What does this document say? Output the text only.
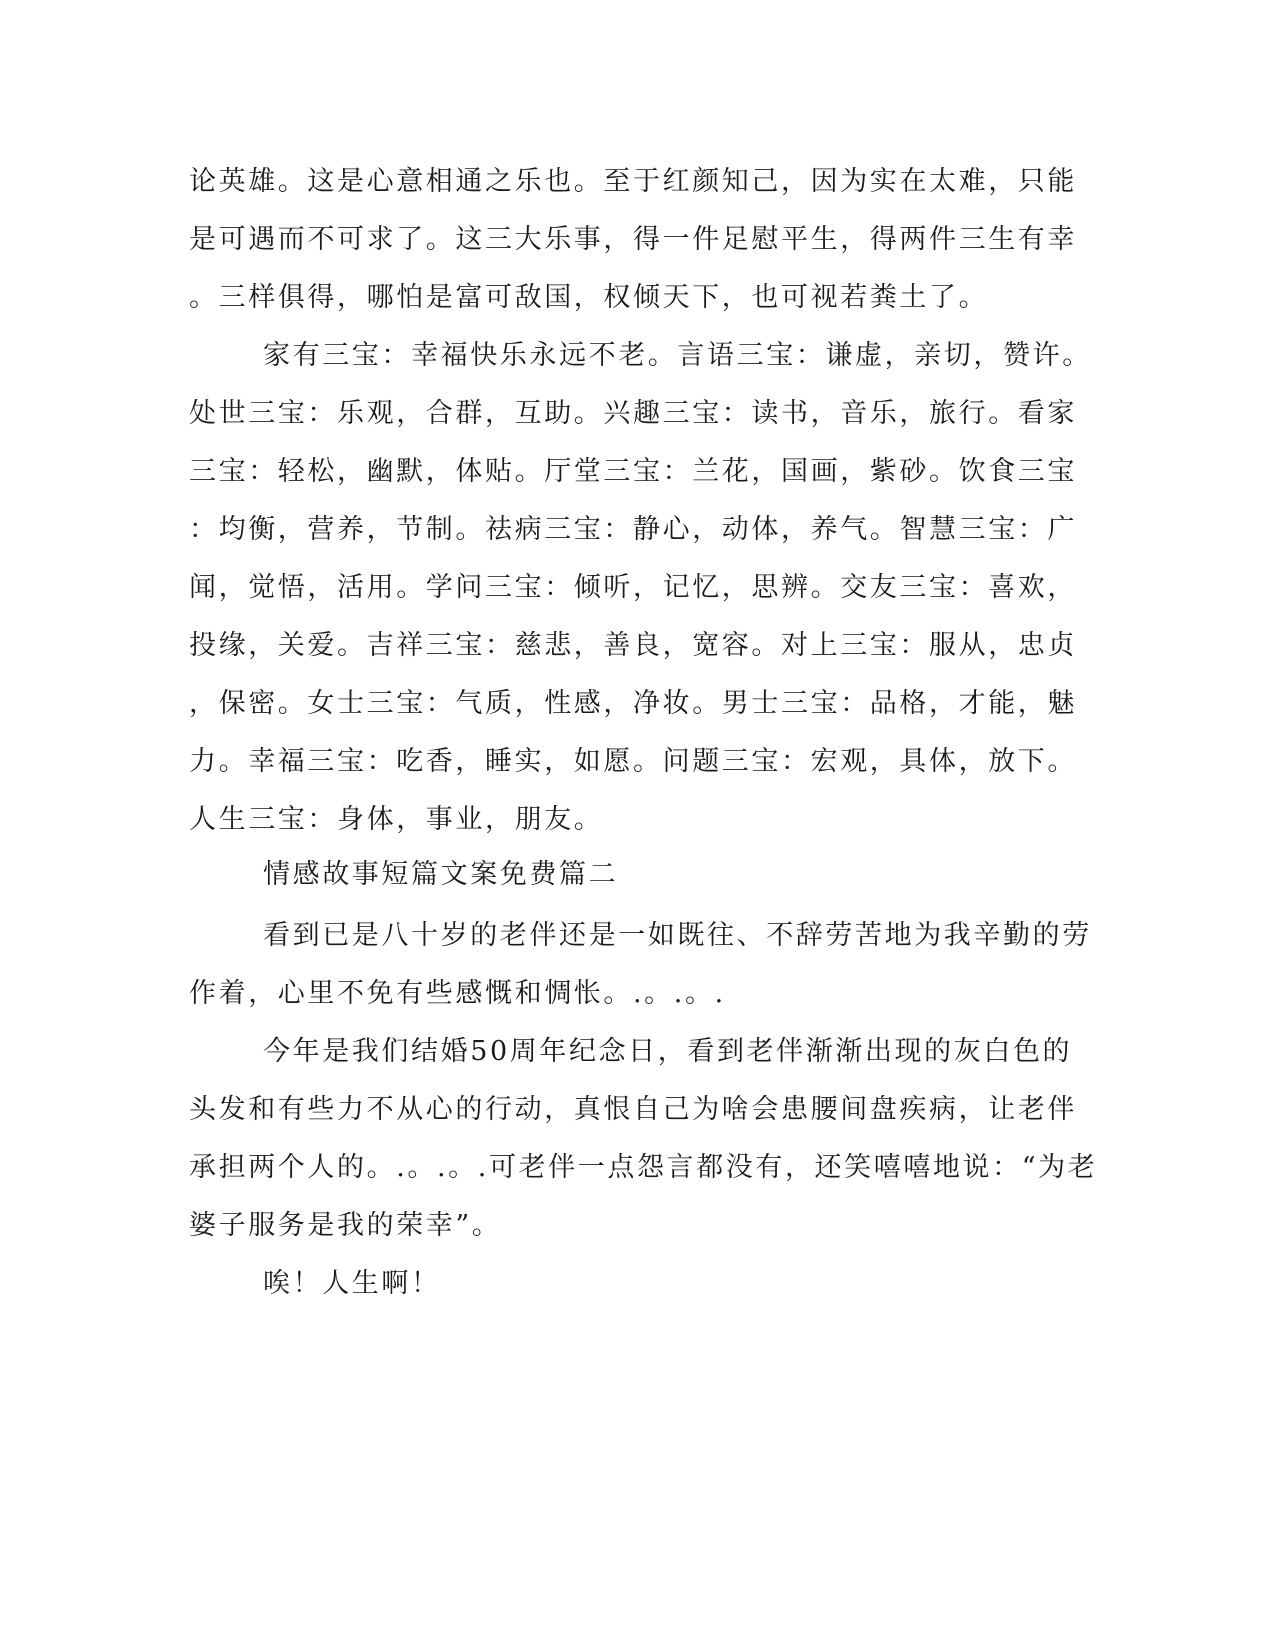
论英雄。这是心意相通之乐也。至于红颜知己，因为实在太难，只能

是可遇而不可求了。这三大乐事，得一件足慰平生，得两件三生有幸

。三样俱得，哪怕是富可敌国，权倾天下，也可视若粪土了。

家有三宝：幸福快乐永远不老。言语三宝：谦虚，亲切，赞许。

处世三宝：乐观，合群，互助。兴趣三宝：读书，音乐，旅行。看家

三宝：轻松，幽默，体贴。厅堂三宝：兰花，国画，紫砂。饮食三宝

：均衡，营养，节制。祛病三宝：静心，动体，养气。智慧三宝：广

闻，觉悟，活用。学问三宝：倾听，记忆，思辨。交友三宝：喜欢，

投缘，关爱。吉祥三宝：慈悲，善良，宽容。对上三宝：服从，忠贞

，保密。女士三宝：气质，性感，净妆。男士三宝：品格，才能，魅

力。幸福三宝：吃香，睡实，如愿。问题三宝：宏观，具体，放下。

人生三宝：身体，事业，朋友。

情感故事短篇文案免费篇二

看到已是八十岁的老伴还是一如既往、不辞劳苦地为我辛勤的劳

作着，心里不免有些感慨和惆怅。.。.。.

今年是我们结婚50周年纪念日，看到老伴渐渐出现的灰白色的

头发和有些力不从心的行动，真恨自己为啥会患腰间盘疾病，让老伴

承担两个人的。.。.。.可老伴一点怨言都没有，还笑嘻嘻地说：“为老

婆子服务是我的荣幸”。

唉！人生啊！
